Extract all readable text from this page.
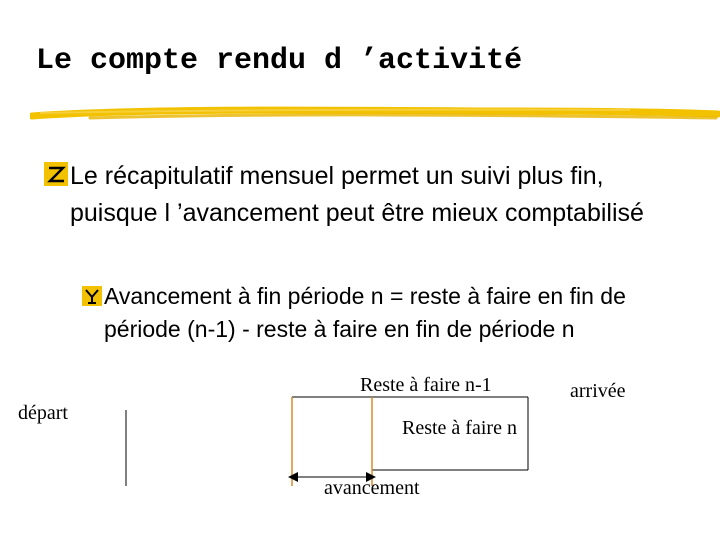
Le compte rendu d ’activité
Le récapitulatif mensuel permet un suivi plus fin, puisque l ’avancement peut être mieux comptabilisé
Avancement à fin période n = reste à faire en fin de période (n-1) - reste à faire en fin de période n
départ
Reste à faire n-1	arrivée
Reste à faire n
avancement
